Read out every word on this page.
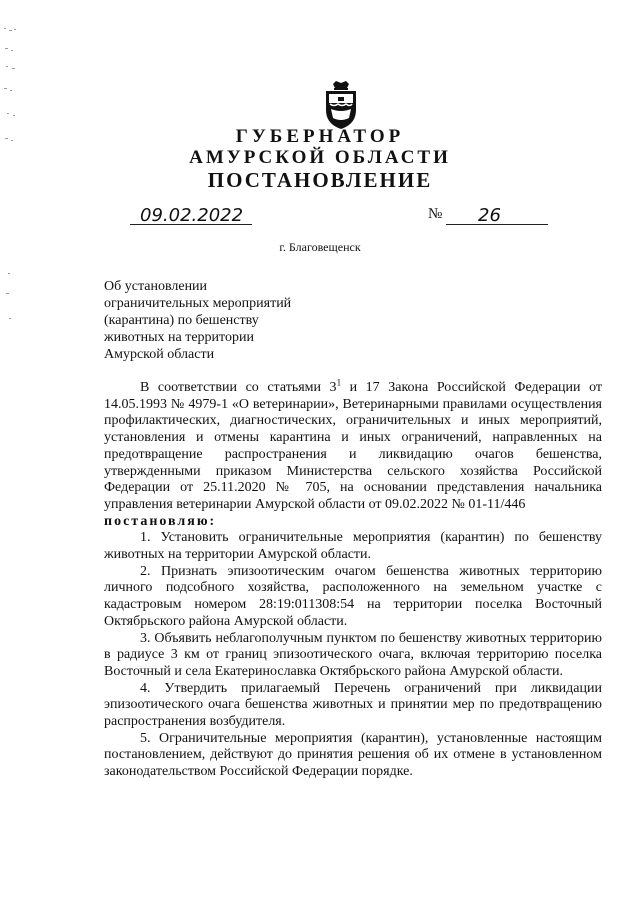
ГУБЕРНАТОР
АМУРСКОЙ ОБЛАСТИ
ПОСТАНОВЛЕНИЕ
09.02.2022	№ 26
г. Благовещенск
Об установлении
ограничительных мероприятий
(карантина) по бешенству
животных на территории
Амурской области

В соответствии со статьями $3^1$ и 17 Закона Российской Федерации от 14.05.1993 № 4979-1 «О ветеринарии», Ветеринарными правилами осуществления профилактических, диагностических, ограничительных и иных мероприятий, установления и отмены карантина и иных ограничений, направленных на предотвращение распространения и ликвидацию очагов бешенства, утвержденными приказом Министерства сельского хозяйства Российской Федерации от 25.11.2020 № 705, на основании представления начальника управления ветеринарии Амурской области от 09.02.2022 № 01-11/446

постановляю:

1. Установить ограничительные мероприятия (карантин) по бешенству животных на территории Амурской области.

2. Признать эпизоотическим очагом бешенства животных территорию личного подсобного хозяйства, расположенного на земельном участке с кадастровым номером 28:19:011308:54 на территории поселка Восточный Октябрьского района Амурской области.

3. Объявить неблагополучным пунктом по бешенству животных территорию в радиусе 3 км от границ эпизоотического очага, включая территорию поселка Восточный и села Екатеринославка Октябрьского района Амурской области.

4. Утвердить прилагаемый Перечень ограничений при ликвидации эпизоотического очага бешенства животных и принятии мер по предотвращению распространения возбудителя.

5. Ограничительные мероприятия (карантин), установленные настоящим постановлением, действуют до принятия решения об их отмене в установленном законодательством Российской Федерации порядке.
